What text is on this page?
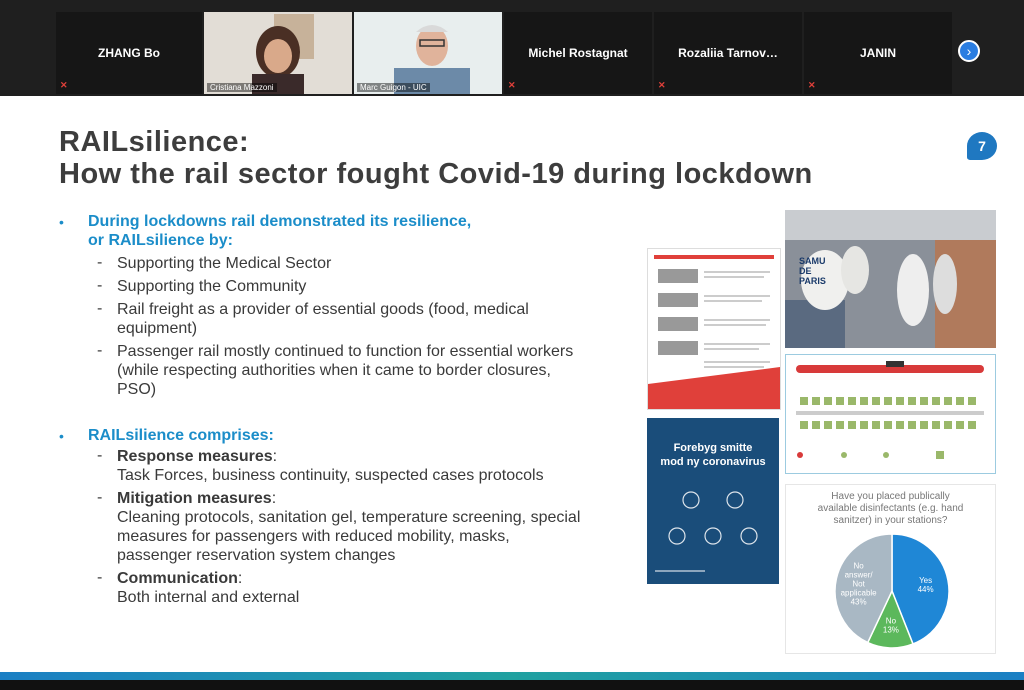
ZHANG Bo
✕	Cristiana Mazzoni	Marc Guigon - UIC
Michel Rostagnat
✕
Rozaliia Tarnov…
✕
JANIN
✕
›
RAILsilience:
How the rail sector fought Covid-19 during lockdown
7
• During lockdowns rail demonstrated its resilience,
or RAILsilience by:
- Supporting the Medical Sector
- Supporting the Community
- Rail freight as a provider of essential goods (food, medical
equipment)
- Passenger rail mostly continued to function for essential workers
(while respecting authorities when it came to border closures,
PSO)
• RAILsilience comprises:
- Response measures:
Task Forces, business continuity, suspected cases protocols
- Mitigation measures:
Cleaning protocols, sanitation gel, temperature screening, special
measures for passengers with reduced mobility, masks,
passenger reservation system changes
- Communication:
Both internal and external
Forebyg smitte
mod ny coronavirus
SAMU
DE
PARIS
Have you placed publically
available disinfectants (e.g. hand
sanitzer) in your stations?
Yes 44%
No 13%
No answer/ Not applicable 43%
